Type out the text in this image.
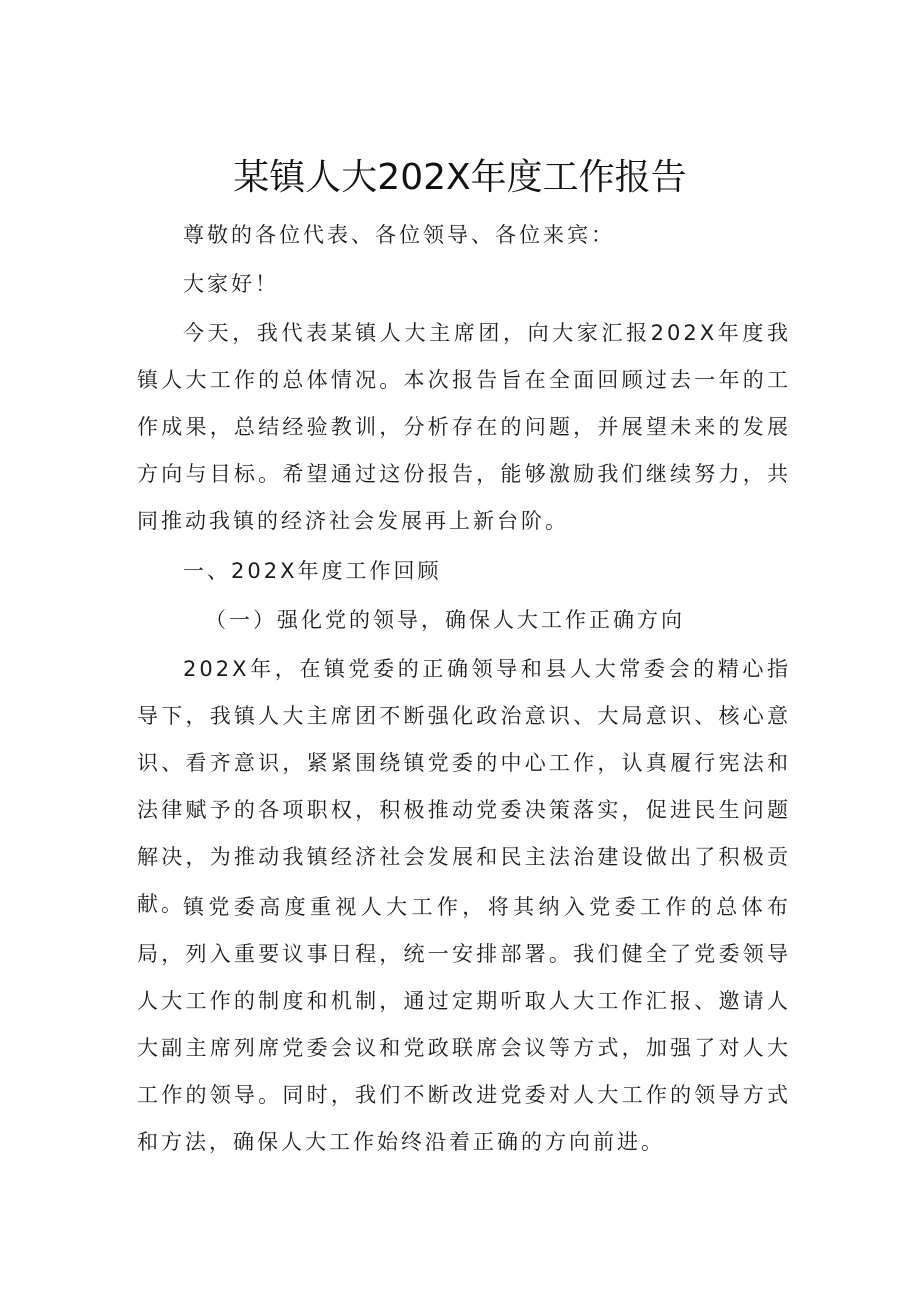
某镇人大202X年度工作报告

尊敬的各位代表、各位领导、各位来宾：

大家好！

今天，我代表某镇人大主席团，向大家汇报202X年度我镇人大工作的总体情况。本次报告旨在全面回顾过去一年的工作成果，总结经验教训，分析存在的问题，并展望未来的发展方向与目标。希望通过这份报告，能够激励我们继续努力，共同推动我镇的经济社会发展再上新台阶。

一、202X年度工作回顾

（一）强化党的领导，确保人大工作正确方向

202X年，在镇党委的正确领导和县人大常委会的精心指导下，我镇人大主席团不断强化政治意识、大局意识、核心意识、看齐意识，紧紧围绕镇党委的中心工作，认真履行宪法和法律赋予的各项职权，积极推动党委决策落实，促进民生问题解决，为推动我镇经济社会发展和民主法治建设做出了积极贡献。

镇党委高度重视人大工作，将其纳入党委工作的总体布局，列入重要议事日程，统一安排部署。我们健全了党委领导人大工作的制度和机制，通过定期听取人大工作汇报、邀请人大副主席列席党委会议和党政联席会议等方式，加强了对人大工作的领导。同时，我们不断改进党委对人大工作的领导方式和方法，确保人大工作始终沿着正确的方向前进。
